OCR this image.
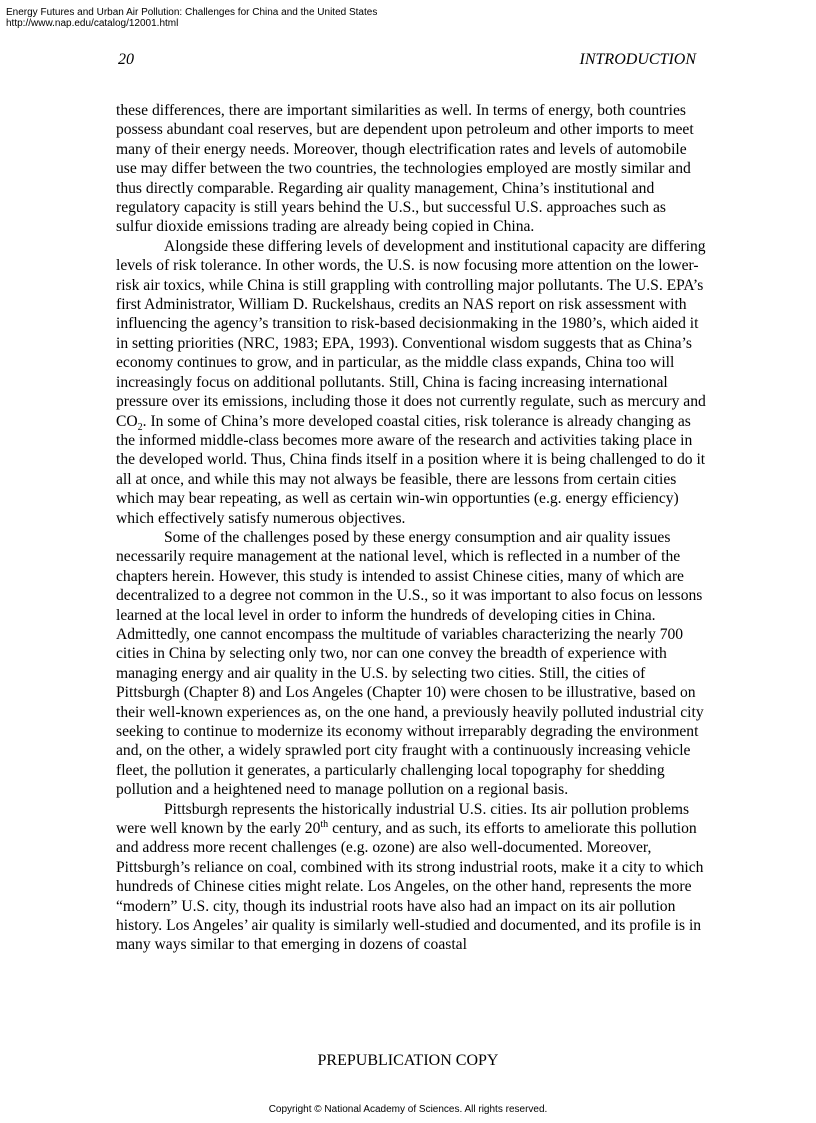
Energy Futures and Urban Air Pollution: Challenges for China and the United States
http://www.nap.edu/catalog/12001.html
20	INTRODUCTION

these differences, there are important similarities as well. In terms of energy, both countries possess abundant coal reserves, but are dependent upon petroleum and other imports to meet many of their energy needs. Moreover, though electrification rates and levels of automobile use may differ between the two countries, the technologies employed are mostly similar and thus directly comparable. Regarding air quality management, China’s institutional and regulatory capacity is still years behind the U.S., but successful U.S. approaches such as sulfur dioxide emissions trading are already being copied in China.

Alongside these differing levels of development and institutional capacity are differing levels of risk tolerance. In other words, the U.S. is now focusing more attention on the lower-risk air toxics, while China is still grappling with controlling major pollutants. The U.S. EPA’s first Administrator, William D. Ruckelshaus, credits an NAS report on risk assessment with influencing the agency’s transition to risk-based decisionmaking in the 1980’s, which aided it in setting priorities (NRC, 1983; EPA, 1993). Conventional wisdom suggests that as China’s economy continues to grow, and in particular, as the middle class expands, China too will increasingly focus on additional pollutants. Still, China is facing increasing international pressure over its emissions, including those it does not currently regulate, such as mercury and $CO_2$. In some of China’s more developed coastal cities, risk tolerance is already changing as the informed middle-class becomes more aware of the research and activities taking place in the developed world. Thus, China finds itself in a position where it is being challenged to do it all at once, and while this may not always be feasible, there are lessons from certain cities which may bear repeating, as well as certain win-win opportunties (e.g. energy efficiency) which effectively satisfy numerous objectives.

Some of the challenges posed by these energy consumption and air quality issues necessarily require management at the national level, which is reflected in a number of the chapters herein. However, this study is intended to assist Chinese cities, many of which are decentralized to a degree not common in the U.S., so it was important to also focus on lessons learned at the local level in order to inform the hundreds of developing cities in China. Admittedly, one cannot encompass the multitude of variables characterizing the nearly 700 cities in China by selecting only two, nor can one convey the breadth of experience with managing energy and air quality in the U.S. by selecting two cities. Still, the cities of Pittsburgh (Chapter 8) and Los Angeles (Chapter 10) were chosen to be illustrative, based on their well-known experiences as, on the one hand, a previously heavily polluted industrial city seeking to continue to modernize its economy without irreparably degrading the environment and, on the other, a widely sprawled port city fraught with a continuously increasing vehicle fleet, the pollution it generates, a particularly challenging local topography for shedding pollution and a heightened need to manage pollution on a regional basis.

Pittsburgh represents the historically industrial U.S. cities. Its air pollution problems were well known by the early 20th century, and as such, its efforts to ameliorate this pollution and address more recent challenges (e.g. ozone) are also well-documented. Moreover, Pittsburgh’s reliance on coal, combined with its strong industrial roots, make it a city to which hundreds of Chinese cities might relate. Los Angeles, on the other hand, represents the more “modern” U.S. city, though its industrial roots have also had an impact on its air pollution history. Los Angeles’ air quality is similarly well-studied and documented, and its profile is in many ways similar to that emerging in dozens of coastal

PREPUBLICATION COPY
Copyright © National Academy of Sciences. All rights reserved.
